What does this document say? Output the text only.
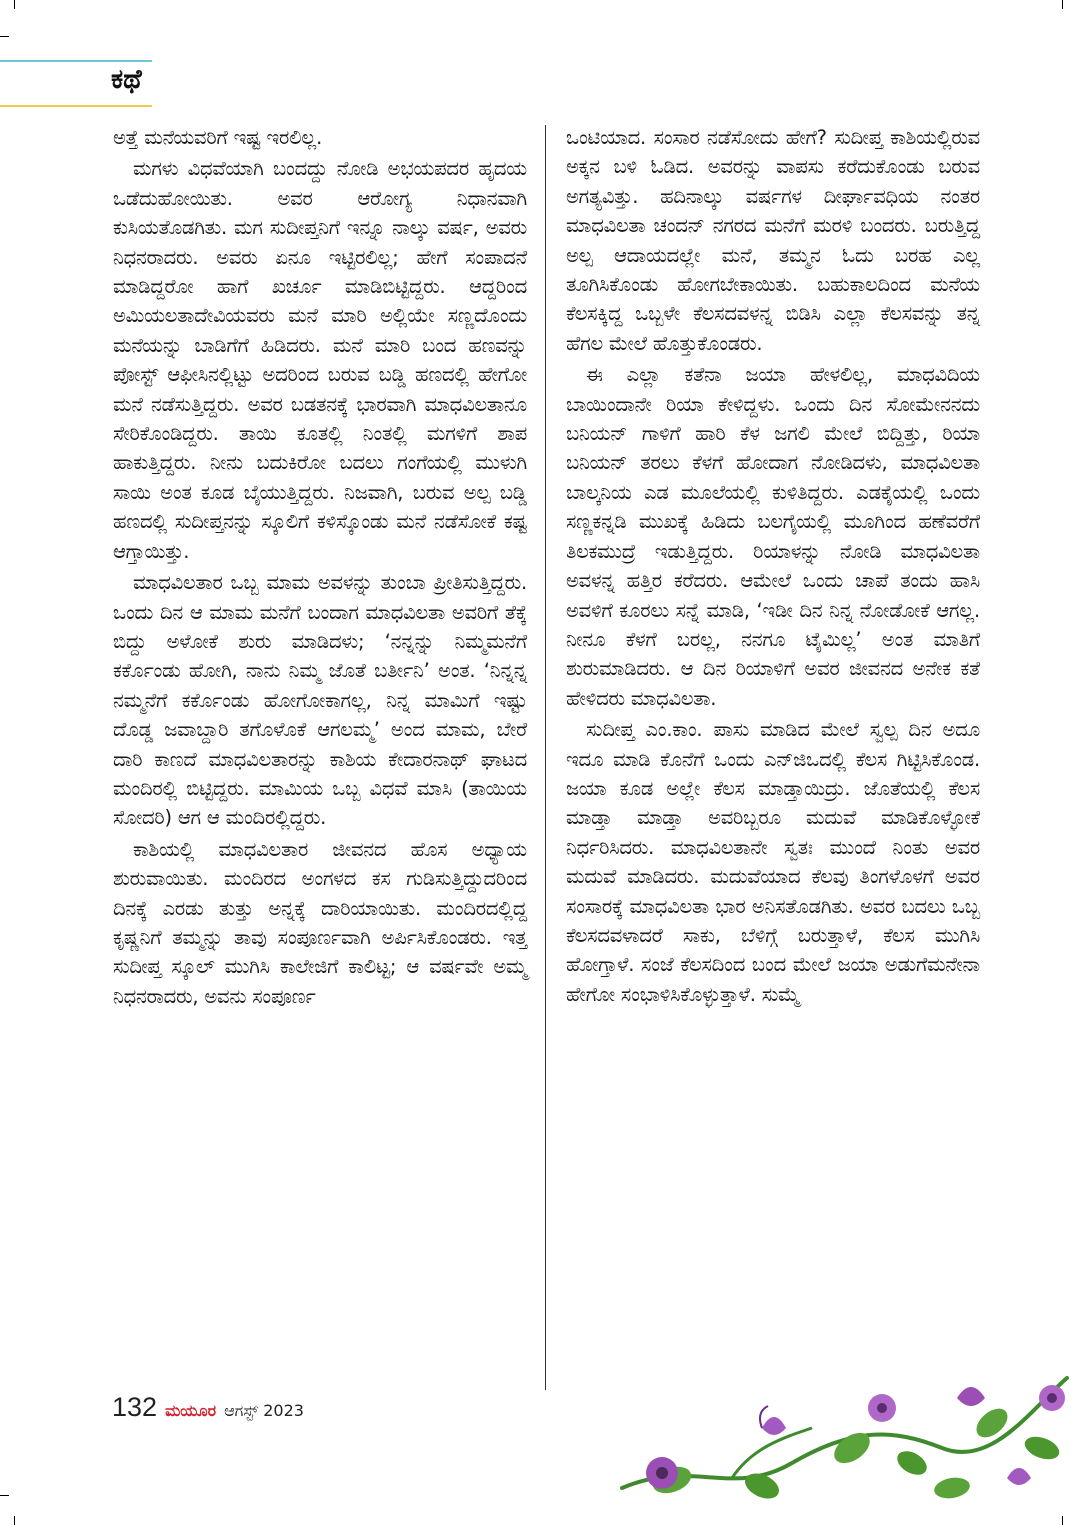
ಕಥೆ

ಅತ್ತೆ ಮನೆಯವರಿಗೆ ಇಷ್ಟ ಇರಲಿಲ್ಲ.

ಮಗಳು ವಿಧವೆಯಾಗಿ ಬಂದದ್ದು ನೋಡಿ ಅಭಯಪದರ ಹೃದಯ ಒಡೆದುಹೋಯಿತು. ಅವರ ಆರೋಗ್ಯ ನಿಧಾನವಾಗಿ ಕುಸಿಯತೊಡಗಿತು. ಮಗ ಸುದೀಪ್ತನಿಗೆ ಇನ್ನೂ ನಾಲ್ಕು ವರ್ಷ, ಅವರು ನಿಧನರಾದರು. ಅವರು ಏನೂ ಇಟ್ಟಿರಲಿಲ್ಲ; ಹೇಗೆ ಸಂಪಾದನೆ ಮಾಡಿದ್ದರೋ ಹಾಗೆ ಖರ್ಚೂ ಮಾಡಿಬಿಟ್ಟಿದ್ದರು. ಆದ್ದರಿಂದ ಅಮಿಯಲತಾದೇವಿಯವರು ಮನೆ ಮಾರಿ ಅಲ್ಲಿಯೇ ಸಣ್ಣದೊಂದು ಮನೆಯನ್ನು ಬಾಡಿಗೆಗೆ ಹಿಡಿದರು. ಮನೆ ಮಾರಿ ಬಂದ ಹಣವನ್ನು ಪೋಸ್ಟ್ ಆಫೀಸಿನಲ್ಲಿಟ್ಟು ಅದರಿಂದ ಬರುವ ಬಡ್ಡಿ ಹಣದಲ್ಲಿ ಹೇಗೋ ಮನೆ ನಡೆಸುತ್ತಿದ್ದರು. ಅವರ ಬಡತನಕ್ಕೆ ಭಾರವಾಗಿ ಮಾಧವಿಲತಾನೂ ಸೇರಿಕೊಂಡಿದ್ದರು. ತಾಯಿ ಕೂತಲ್ಲಿ ನಿಂತಲ್ಲಿ ಮಗಳಿಗೆ ಶಾಪ ಹಾಕುತ್ತಿದ್ದರು. ನೀನು ಬದುಕಿರೋ ಬದಲು ಗಂಗೆಯಲ್ಲಿ ಮುಳುಗಿ ಸಾಯಿ ಅಂತ ಕೂಡ ಬೈಯುತ್ತಿದ್ದರು. ನಿಜವಾಗಿ, ಬರುವ ಅಲ್ಪ ಬಡ್ಡಿ ಹಣದಲ್ಲಿ ಸುದೀಪ್ತನನ್ನು ಸ್ಕೂಲಿಗೆ ಕಳಿಸ್ಕೊಂಡು ಮನೆ ನಡೆಸೋಕೆ ಕಷ್ಟ ಆಗ್ತಾಯಿತ್ತು.

ಮಾಧವಿಲತಾರ ಒಬ್ಬ ಮಾಮ ಅವಳನ್ನು ತುಂಬಾ ಪ್ರೀತಿಸುತ್ತಿದ್ದರು. ಒಂದು ದಿನ ಆ ಮಾಮ ಮನೆಗೆ ಬಂದಾಗ ಮಾಧವಿಲತಾ ಅವರಿಗೆ ತೆಕ್ಕೆ ಬಿದ್ದು ಅಳೋಕೆ ಶುರು ಮಾಡಿದಳು; ‘ನನ್ನನ್ನು ನಿಮ್ಮಮನೆಗೆ ಕರ್ಕೊಂಡು ಹೋಗಿ, ನಾನು ನಿಮ್ಮ ಜೊತೆ ಬರ್ತೀನಿ’ ಅಂತ. ‘ನಿನ್ನನ್ನ ನಮ್ಮನೆಗೆ ಕರ್ಕೊಂಡು ಹೋಗೋಕಾಗಲ್ಲ, ನಿನ್ನ ಮಾಮಿಗೆ ಇಷ್ಟು ದೊಡ್ಡ ಜವಾಬ್ದಾರಿ ತಗೊಳೊಕೆ ಆಗಲಮ್ಮ’ ಅಂದ ಮಾಮ, ಬೇರೆ ದಾರಿ ಕಾಣದೆ ಮಾಧವಿಲತಾರನ್ನು ಕಾಶಿಯ ಕೇದಾರನಾಥ್ ಘಾಟದ ಮಂದಿರಲ್ಲಿ ಬಿಟ್ಟಿದ್ದರು. ಮಾಮಿಯ ಒಬ್ಬ ವಿಧವೆ ಮಾಸಿ (ತಾಯಿಯ ಸೋದರಿ) ಆಗ ಆ ಮಂದಿರಲ್ಲಿದ್ದರು.

ಕಾಶಿಯಲ್ಲಿ ಮಾಧವಿಲತಾರ ಜೀವನದ ಹೊಸ ಅಧ್ಯಾಯ ಶುರುವಾಯಿತು. ಮಂದಿರದ ಅಂಗಳದ ಕಸ ಗುಡಿಸುತ್ತಿದ್ದುದರಿಂದ ದಿನಕ್ಕೆ ಎರಡು ತುತ್ತು ಅನ್ನಕ್ಕೆ ದಾರಿಯಾಯಿತು. ಮಂದಿರದಲ್ಲಿದ್ದ ಕೃಷ್ಣನಿಗೆ ತಮ್ಮನ್ನು ತಾವು ಸಂಪೂರ್ಣವಾಗಿ ಅರ್ಪಿಸಿಕೊಂಡರು. ಇತ್ತ ಸುದೀಪ್ತ ಸ್ಕೂಲ್ ಮುಗಿಸಿ ಕಾಲೇಜಿಗೆ ಕಾಲಿಟ್ಟ; ಆ ವರ್ಷವೇ ಅಮ್ಮ ನಿಧನರಾದರು, ಅವನು ಸಂಪೂರ್ಣ

ಒಂಟಿಯಾದ. ಸಂಸಾರ ನಡೆಸೋದು ಹೇಗೆ? ಸುದೀಪ್ತ ಕಾಶಿಯಲ್ಲಿರುವ ಅಕ್ಕನ ಬಳಿ ಓಡಿದ. ಅವರನ್ನು ವಾಪಸು ಕರೆದುಕೊಂಡು ಬರುವ ಅಗತ್ಯವಿತ್ತು. ಹದಿನಾಲ್ಕು ವರ್ಷಗಳ ದೀರ್ಘಾವಧಿಯ ನಂತರ ಮಾಧವಿಲತಾ ಚಂದನ್ ನಗರದ ಮನೆಗೆ ಮರಳಿ ಬಂದರು. ಬರುತ್ತಿದ್ದ ಅಲ್ಪ ಆದಾಯದಲ್ಲೇ ಮನೆ, ತಮ್ಮನ ಓದು ಬರಹ ಎಲ್ಲ ತೂಗಿಸಿಕೊಂಡು ಹೋಗಬೇಕಾಯಿತು. ಬಹುಕಾಲದಿಂದ ಮನೆಯ ಕೆಲಸಕ್ಕಿದ್ದ ಒಬ್ಬಳೇ ಕೆಲಸದವಳನ್ನ ಬಿಡಿಸಿ ಎಲ್ಲಾ ಕೆಲಸವನ್ನು ತನ್ನ ಹೆಗಲ ಮೇಲೆ ಹೊತ್ತುಕೊಂಡರು.

ಈ ಎಲ್ಲಾ ಕತೆನಾ ಜಯಾ ಹೇಳಲಿಲ್ಲ, ಮಾಧವಿದಿಯ ಬಾಯಿಂದಾನೇ ರಿಯಾ ಕೇಳಿದ್ದಳು. ಒಂದು ದಿನ ಸೋಮೇನನದು ಬನಿಯನ್ ಗಾಳಿಗೆ ಹಾರಿ ಕೆಳ ಜಗಲಿ ಮೇಲೆ ಬಿದ್ದಿತ್ತು, ರಿಯಾ ಬನಿಯನ್ ತರಲು ಕೆಳಗೆ ಹೋದಾಗ ನೋಡಿದಳು, ಮಾಧವಿಲತಾ ಬಾಲ್ಕನಿಯ ಎಡ ಮೂಲೆಯಲ್ಲಿ ಕುಳಿತಿದ್ದರು. ಎಡಕೈಯಲ್ಲಿ ಒಂದು ಸಣ್ಣಕನ್ನಡಿ ಮುಖಕ್ಕೆ ಹಿಡಿದು ಬಲಗೈಯಲ್ಲಿ ಮೂಗಿಂದ ಹಣೆವರೆಗೆ ತಿಲಕಮುದ್ರೆ ಇಡುತ್ತಿದ್ದರು. ರಿಯಾಳನ್ನು ನೋಡಿ ಮಾಧವಿಲತಾ ಅವಳನ್ನ ಹತ್ತಿರ ಕರೆದರು. ಆಮೇಲೆ ಒಂದು ಚಾಪೆ ತಂದು ಹಾಸಿ ಅವಳಿಗೆ ಕೂರಲು ಸನ್ನೆ ಮಾಡಿ, ‘ಇಡೀ ದಿನ ನಿನ್ನ ನೋಡೋಕೆ ಆಗಲ್ಲ. ನೀನೂ ಕೆಳಗೆ ಬರಲ್ಲ, ನನಗೂ ಟೈಮಿಲ್ಲ’ ಅಂತ ಮಾತಿಗೆ ಶುರುಮಾಡಿದರು. ಆ ದಿನ ರಿಯಾಳಿಗೆ ಅವರ ಜೀವನದ ಅನೇಕ ಕತೆ ಹೇಳಿದರು ಮಾಧವಿಲತಾ.

ಸುದೀಪ್ತ ಎಂ.ಕಾಂ. ಪಾಸು ಮಾಡಿದ ಮೇಲೆ ಸ್ವಲ್ಪ ದಿನ ಅದೂ ಇದೂ ಮಾಡಿ ಕೊನೆಗೆ ಒಂದು ಎನ್‌ಜಿಒದಲ್ಲಿ ಕೆಲಸ ಗಿಟ್ಟಿಸಿಕೊಂಡ. ಜಯಾ ಕೂಡ ಅಲ್ಲೇ ಕೆಲಸ ಮಾಡ್ತಾಯಿದ್ರು. ಜೊತೆಯಲ್ಲಿ ಕೆಲಸ ಮಾಡ್ತಾ ಮಾಡ್ತಾ ಅವರಿಬ್ಬರೂ ಮದುವೆ ಮಾಡಿಕೊಳ್ಳೋಕೆ ನಿರ್ಧರಿಸಿದರು. ಮಾಧವಿಲತಾನೇ ಸ್ವತಃ ಮುಂದೆ ನಿಂತು ಅವರ ಮದುವೆ ಮಾಡಿದರು. ಮದುವೆಯಾದ ಕೆಲವು ತಿಂಗಳೊಳಗೆ ಅವರ ಸಂಸಾರಕ್ಕೆ ಮಾಧವಿಲತಾ ಭಾರ ಅನಿಸತೊಡಗಿತು. ಅವರ ಬದಲು ಒಬ್ಬ ಕೆಲಸದವಳಾದರೆ ಸಾಕು, ಬೆಳಿಗ್ಗೆ ಬರುತ್ತಾಳೆ, ಕೆಲಸ ಮುಗಿಸಿ ಹೋಗ್ತಾಳೆ. ಸಂಜೆ ಕೆಲಸದಿಂದ ಬಂದ ಮೇಲೆ ಜಯಾ ಅಡುಗೆಮನೇನಾ ಹೇಗೋ ಸಂಭಾಳಿಸಿಕೊಳ್ಳುತ್ತಾಳೆ. ಸುಮ್ಮೆ

132 ಮಯೂರ ಆಗಸ್ಟ್ 2023
